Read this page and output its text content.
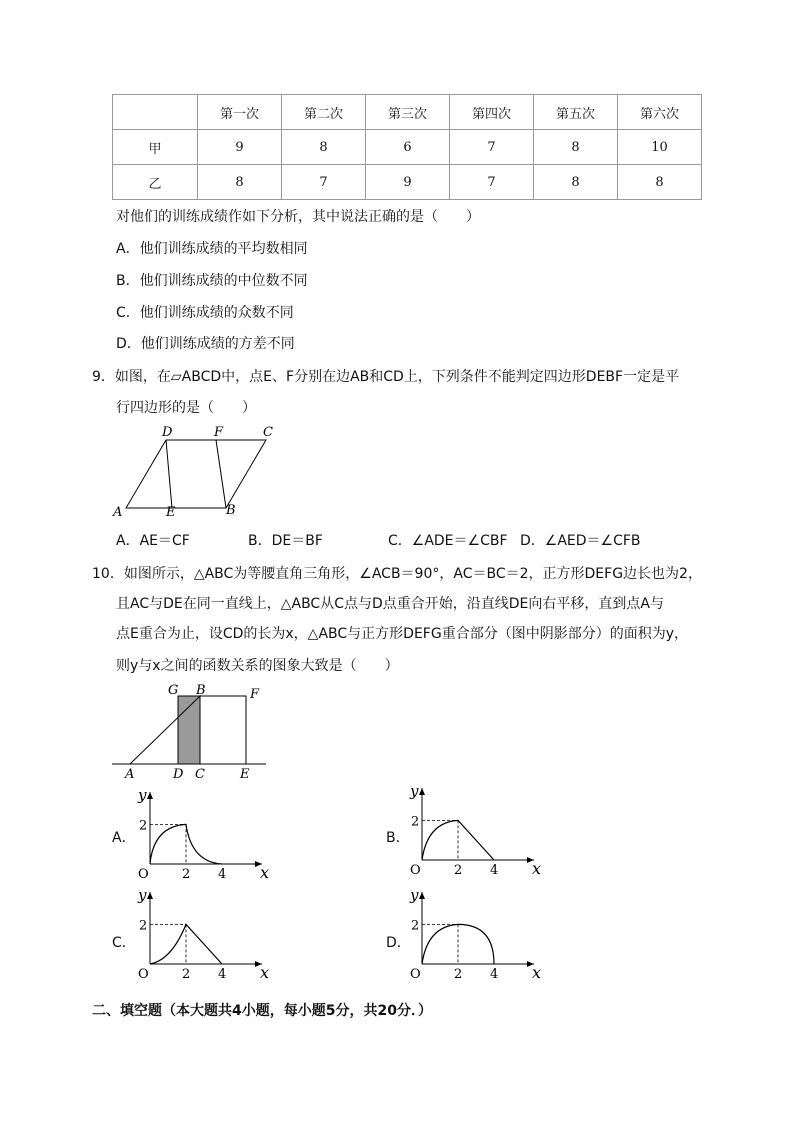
	第一次	第二次	第三次	第四次	第五次	第六次
甲	9	8	6	7	8	10
乙	8	7	9	7	8	8
对他们的训练成绩作如下分析，其中说法正确的是（　　）
A．他们训练成绩的平均数相同
B．他们训练成绩的中位数不同
C．他们训练成绩的众数不同
D．他们训练成绩的方差不同
9．如图，在▱ABCD中，点E、F分别在边AB和CD上，下列条件不能判定四边形DEBF一定是平
行四边形的是（　　）
D	F	C
A	E	B
A．AE＝CF	B．DE＝BF	C．∠ADE＝∠CBF D．∠AED＝∠CFB
10．如图所示，△ABC为等腰直角三角形，∠ACB＝90°，AC＝BC＝2，正方形DEFG边长也为2，
且AC与DE在同一直线上，△ABC从C点与D点重合开始，沿直线DE向右平移，直到点A与
点E重合为止，设CD的长为x，△ABC与正方形DEFG重合部分（图中阴影部分）的面积为y，
则y与x之间的函数关系的图象大致是（　　）
G B	F
A	D C	E
A．	B．
C．	D．
y
x
O
2
2 4
y
x
O
2
2 4
y
x
O
2
2 4
y
x
O
2
2 4
二、填空题（本大题共4小题，每小题5分，共20分．）
